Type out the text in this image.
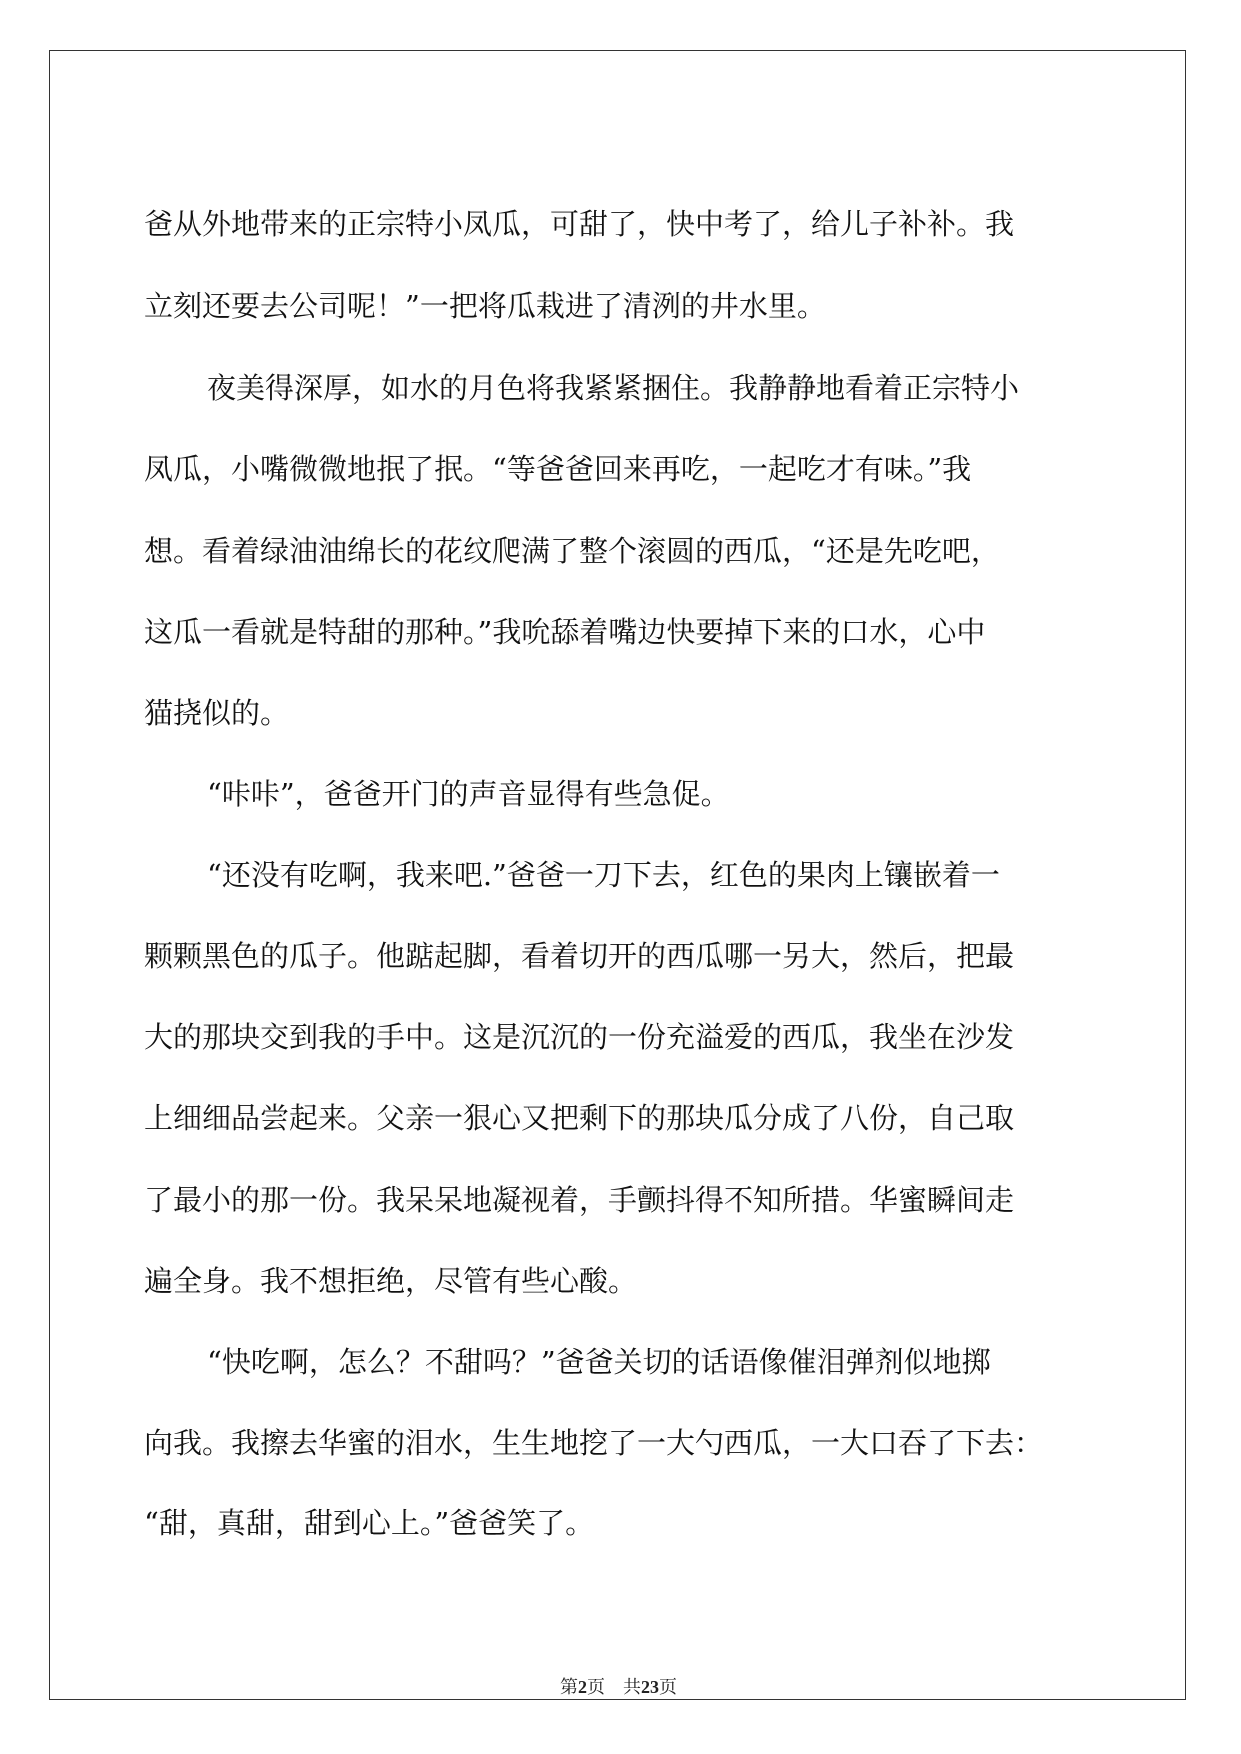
爸从外地带来的正宗特小凤瓜，可甜了，快中考了，给儿子补补。我

立刻还要去公司呢！”一把将瓜栽进了清洌的井水里。

夜美得深厚，如水的月色将我紧紧捆住。我静静地看着正宗特小

凤瓜，小嘴微微地抿了抿。“等爸爸回来再吃，一起吃才有味。”我

想。看着绿油油绵长的花纹爬满了整个滚圆的西瓜，“还是先吃吧，

这瓜一看就是特甜的那种。”我吮舔着嘴边快要掉下来的口水，心中

猫挠似的。

“咔咔”，爸爸开门的声音显得有些急促。

“还没有吃啊，我来吧.”爸爸一刀下去，红色的果肉上镶嵌着一

颗颗黑色的瓜子。他踮起脚，看着切开的西瓜哪一另大，然后，把最

大的那块交到我的手中。这是沉沉的一份充溢爱的西瓜，我坐在沙发

上细细品尝起来。父亲一狠心又把剩下的那块瓜分成了八份，自己取

了最小的那一份。我呆呆地凝视着，手颤抖得不知所措。华蜜瞬间走

遍全身。我不想拒绝，尽管有些心酸。

“快吃啊，怎么？不甜吗？”爸爸关切的话语像催泪弹剂似地掷

向我。我擦去华蜜的泪水，生生地挖了一大勺西瓜，一大口吞了下去：

“甜，真甜，甜到心上。”爸爸笑了。

第2页 共23页
